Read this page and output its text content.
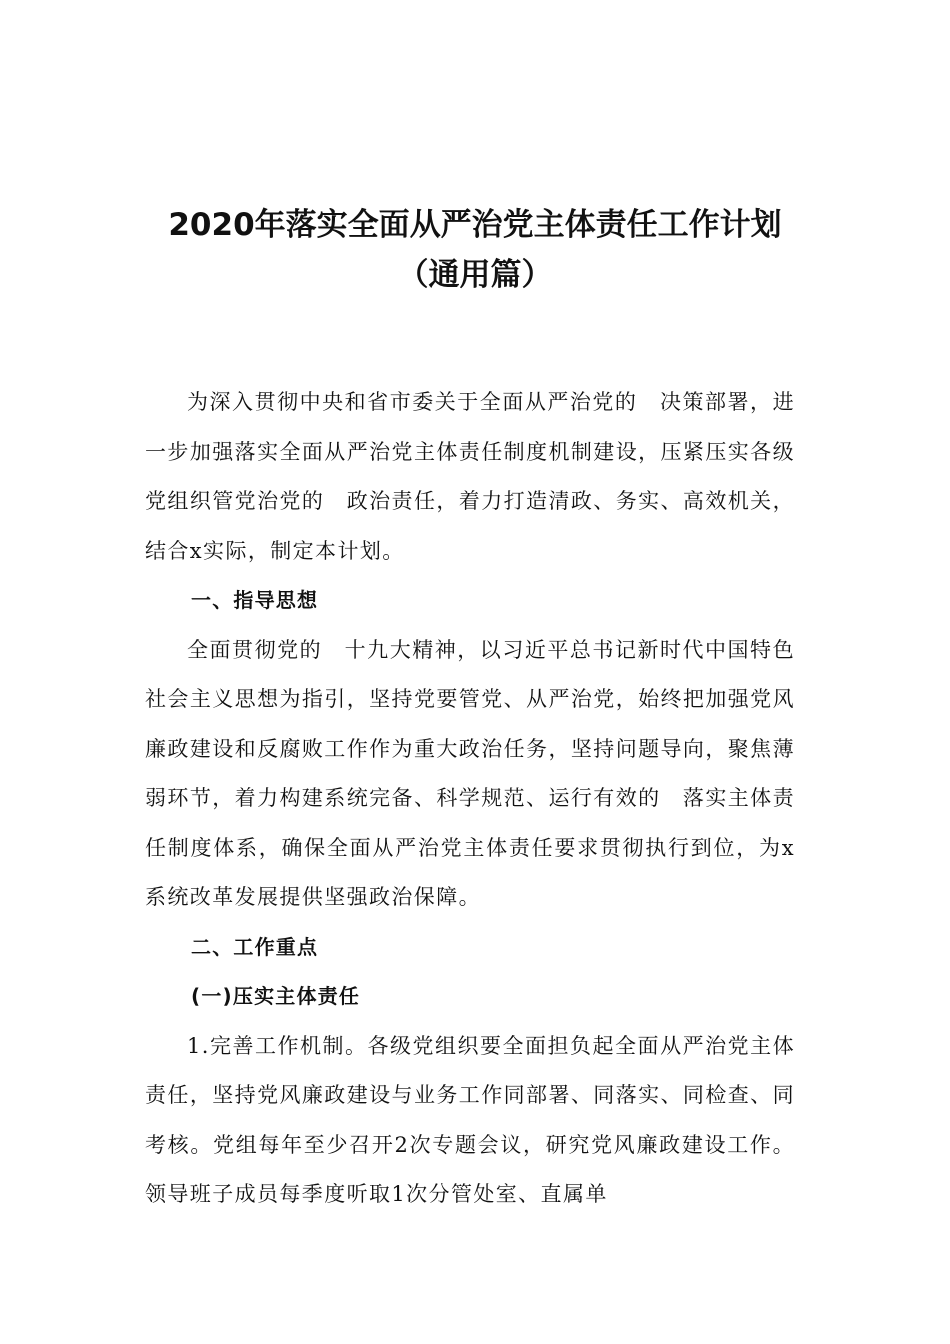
2020年落实全面从严治党主体责任工作计划（通用篇）

为深入贯彻中央和省市委关于全面从严治党的　决策部署，进一步加强落实全面从严治党主体责任制度机制建设，压紧压实各级党组织管党治党的　政治责任，着力打造清政、务实、高效机关，结合x实际，制定本计划。

一、指导思想

全面贯彻党的　十九大精神，以习近平总书记新时代中国特色社会主义思想为指引，坚持党要管党、从严治党，始终把加强党风廉政建设和反腐败工作作为重大政治任务，坚持问题导向，聚焦薄弱环节，着力构建系统完备、科学规范、运行有效的　落实主体责任制度体系，确保全面从严治党主体责任要求贯彻执行到位，为x系统改革发展提供坚强政治保障。

二、工作重点

(一)压实主体责任

1.完善工作机制。各级党组织要全面担负起全面从严治党主体责任，坚持党风廉政建设与业务工作同部署、同落实、同检查、同考核。党组每年至少召开2次专题会议，研究党风廉政建设工作。领导班子成员每季度听取1次分管处室、直属单
